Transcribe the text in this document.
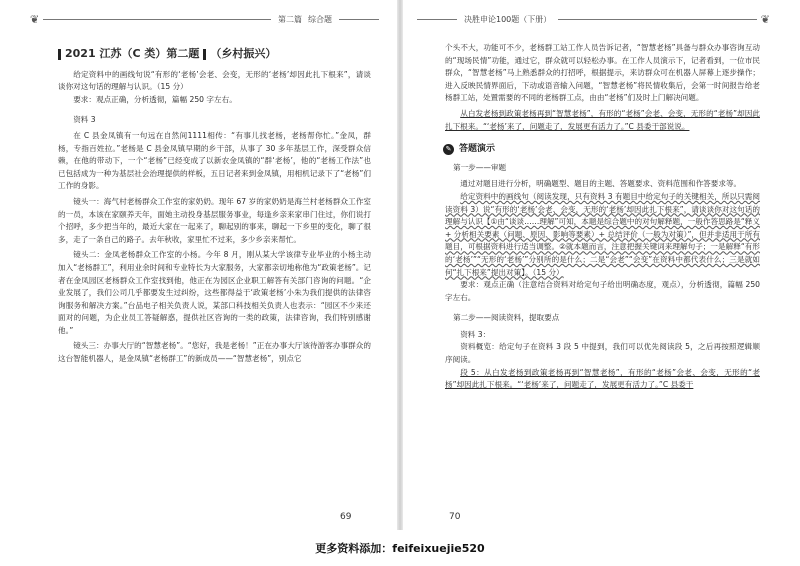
❦	第二篇 综合题
2021 江苏（C 类）第二题 （乡村振兴）

给定资料中的画线句说“有形的‘老杨’会老、会变，无形的‘老杨’却因此扎下根来”，请谈谈你对这句话的理解与认识。（15 分）

要求：观点正确，分析透彻，篇幅 250 字左右。

资料 3

在 C 县金凤镇有一句远在自然间1111相传：“有事儿找老杨，老杨帮你忙。”金凤，群杨，专指百姓拉。”老杨是 C 县金凤镇早期的乡干部，从事了 30 多年基层工作，深受群众信赖，在他的带动下，一个“老杨”已经变成了以新农金凤镇的“群‘老杨’，他的“老杨工作法”也已包括成为一种为基层社会治理提供的样板，五日记者来到金凤镇，用相机记录下了“老杨”们工作的身影。

镜头一：海气村老杨群众工作室的家奶奶。现年 67 岁的家奶奶是海兰村老杨群众工作室的一员，本该在家颐养天年，面她主动投身基层服务事业，每逢乡亲来家串门住过，你们说打个招呼，多少把当年的，最近大家在一起来了，聊起别的事来，聊起一下乡里的变化，聊了很多，走了一条自己的路子。去年秋收，家里忙不过来，多少乡亲来帮忙。

镜头二：金凤老杨群众工作室的小杨。今年 8 月，刚从某大学该律专业毕业的小杨主动加入“老杨群工”，利用业余时间和专业特长为大家服务，大家都亲切地称他为“政策老杨”。记者在金凤园区老杨群众工作室找到他，他正在为园区企业职工解答有关部门咨询的问题。“企业发展了，我们公司几乎都要发生过纠纷，这些都得益于‘政策老杨’小朱为我们提供的法律咨询服务和解决方案。”台品电子相关负责人说，某部口科技相关负责人也表示：“园区不少来还面对的问题，为企业员工答疑解惑，提供社区咨询的一类的政策，法律咨询，我们特别感谢他。”

镜头三：办事大厅的“智慧老杨”。“您好，我是老杨！”正在办事大厅该待游客办事群众的这台智能机器人，是金凤镇“老杨群工”的新成员——“智慧老杨”，别点它

69
决胜申论100题（下册）	❦

个头不大，功能可不少，老杨群工站工作人员告诉记者，“智慧老杨”具备与群众办事咨询互动的“现场民情”功能，通过它，群众就可以轻松办事。在工作人员演示下，记者看到，一位市民群众，“智慧老杨”马上熟悉群众的打招呼，根据提示，来访群众可在机器人屏幕上逐步操作；进入反映民情界面后，下动或语音输入问题，“智慧老杨”将民情收集后，会第一时间报告给老杨群工站，处置需要的不同的老杨群工点，由由“老杨”们及时上门解决问题。

从白发老杨到政策老杨再到“智慧老杨”，有形的“老杨”会老、会变，无形的“老杨”却因此扎下根来。“‘老杨’来了，问题走了，发展更有活力了。”C 县委干部说说。

✎ 答题演示

第一步——审题

通过对题目进行分析，明确题型、题目的主题、答题要求、资料范围和作答要求等。

给定资料中的画线句（阅读发现，只有资料 3 有题目中给定句子的关键相关，所以只需阅读资料 3）说“有形的‘老杨’会老、会变，无形的‘老杨’却因此扎下根来”，请谈谈你对这句话的理解与认识【①由“谈谈……理解”可知，本题是综合题中的对句解释题，一般作答思路是“释义 + 分析相关要素（问题、原因、影响等要素）+ 总结评价（一般为对策）”，但并非适用于所有题目，可根据资料进行适当调整。②就本题而言，注意把握关键词来理解句子；一是解释“有形的‘老杨’”“无形的‘老杨’”分别所的是什么；二是“会老”“会变”在资料中都代表什么；三是就如何“扎下根来”提出对策】。（15 分）

要求：观点正确（注意结合资料对给定句子给出明确态度，观点），分析透彻，篇幅 250 字左右。

第二步——阅读资料，提取要点

资料 3：

资料概览：给定句子在资料 3 段 5 中提到，我们可以优先阅读段 5，之后再按照逻辑顺序阅读。

段 5：从白发老杨到政策老杨再到“智慧老杨”，有形的“老杨”会老、会变，无形的“老杨”却因此扎下根来。“‘老杨’来了，问题走了，发展更有活力了。”C 县委干

70
更多资料添加：feifeixuejie520
